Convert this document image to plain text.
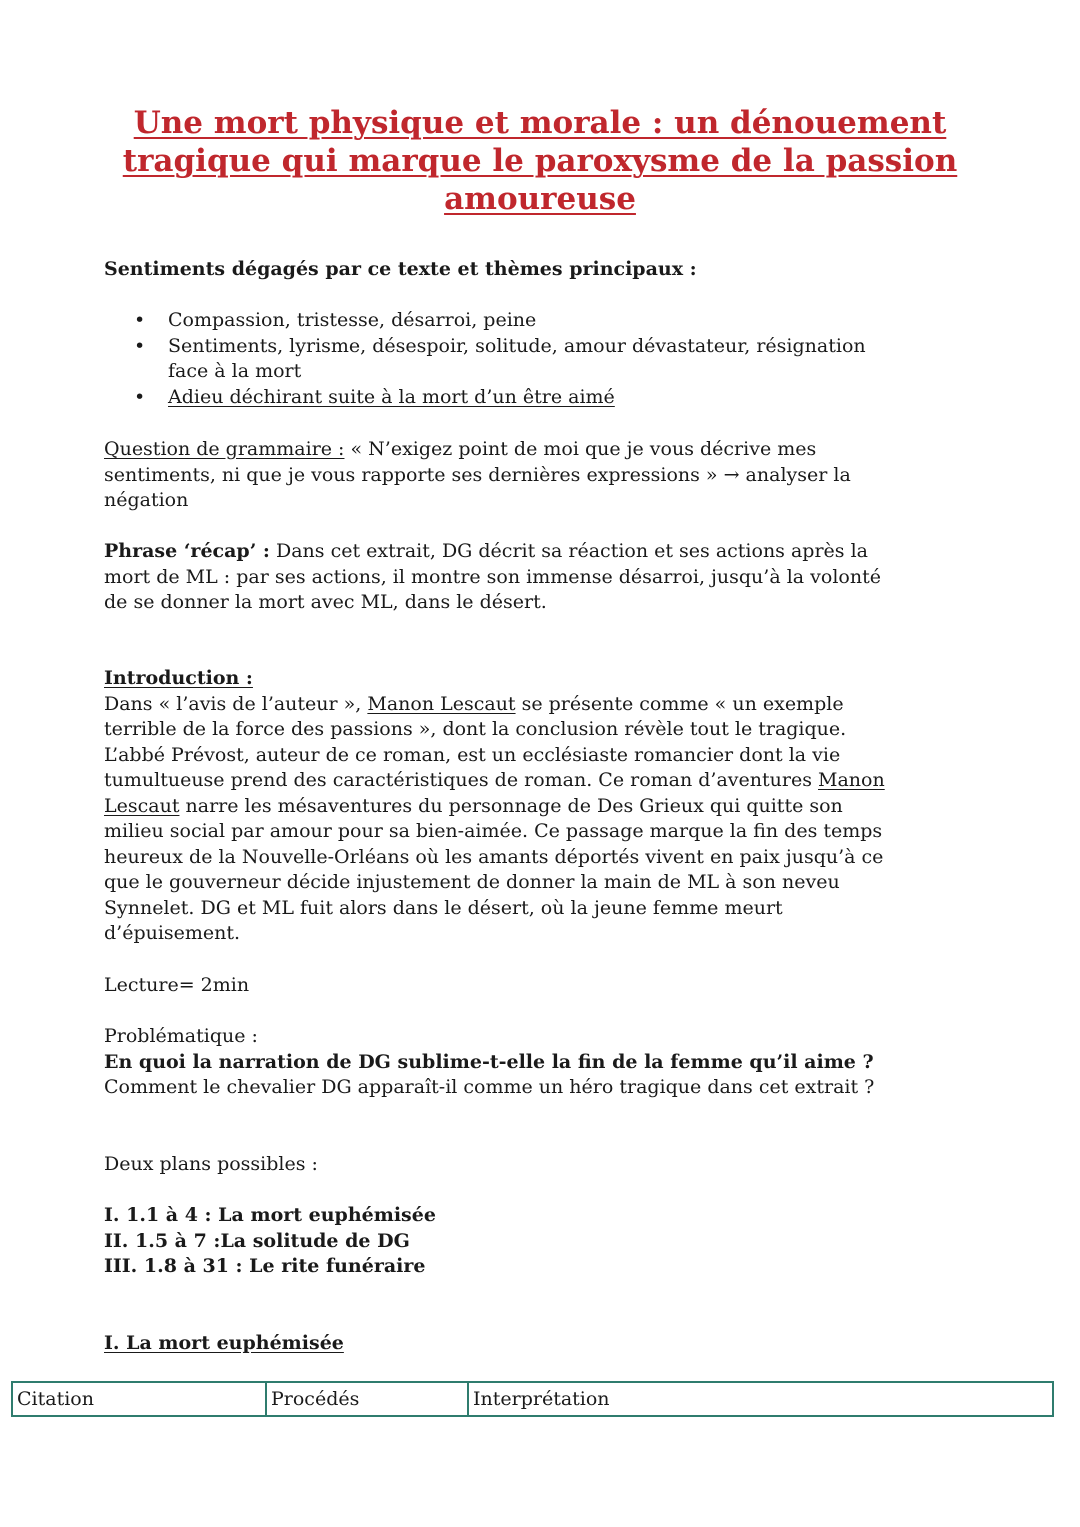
Une mort physique et morale : un dénouement
tragique qui marque le paroxysme de la passion
amoureuse

Sentiments dégagés par ce texte et thèmes principaux :

• Compassion, tristesse, désarroi, peine
• Sentiments, lyrisme, désespoir, solitude, amour dévastateur, résignation
face à la mort
• Adieu déchirant suite à la mort d’un être aimé

Question de grammaire : « N’exigez point de moi que je vous décrive mes
sentiments, ni que je vous rapporte ses dernières expressions » → analyser la
négation

Phrase ‘récap’ : Dans cet extrait, DG décrit sa réaction et ses actions après la
mort de ML : par ses actions, il montre son immense désarroi, jusqu’à la volonté
de se donner la mort avec ML, dans le désert.

Introduction :
Dans « l’avis de l’auteur », Manon Lescaut se présente comme « un exemple
terrible de la force des passions », dont la conclusion révèle tout le tragique.
L’abbé Prévost, auteur de ce roman, est un ecclésiaste romancier dont la vie
tumultueuse prend des caractéristiques de roman. Ce roman d’aventures Manon
Lescaut narre les mésaventures du personnage de Des Grieux qui quitte son
milieu social par amour pour sa bien-aimée. Ce passage marque la fin des temps
heureux de la Nouvelle-Orléans où les amants déportés vivent en paix jusqu’à ce
que le gouverneur décide injustement de donner la main de ML à son neveu
Synnelet. DG et ML fuit alors dans le désert, où la jeune femme meurt
d’épuisement.

Lecture= 2min

Problématique :
En quoi la narration de DG sublime-t-elle la fin de la femme qu’il aime ?
Comment le chevalier DG apparaît-il comme un héro tragique dans cet extrait ?

Deux plans possibles :

I. 1.1 à 4 : La mort euphémisée
II. 1.5 à 7 :La solitude de DG
III. 1.8 à 31 : Le rite funéraire

I. La mort euphémisée

Citation	Procédés	Interprétation
